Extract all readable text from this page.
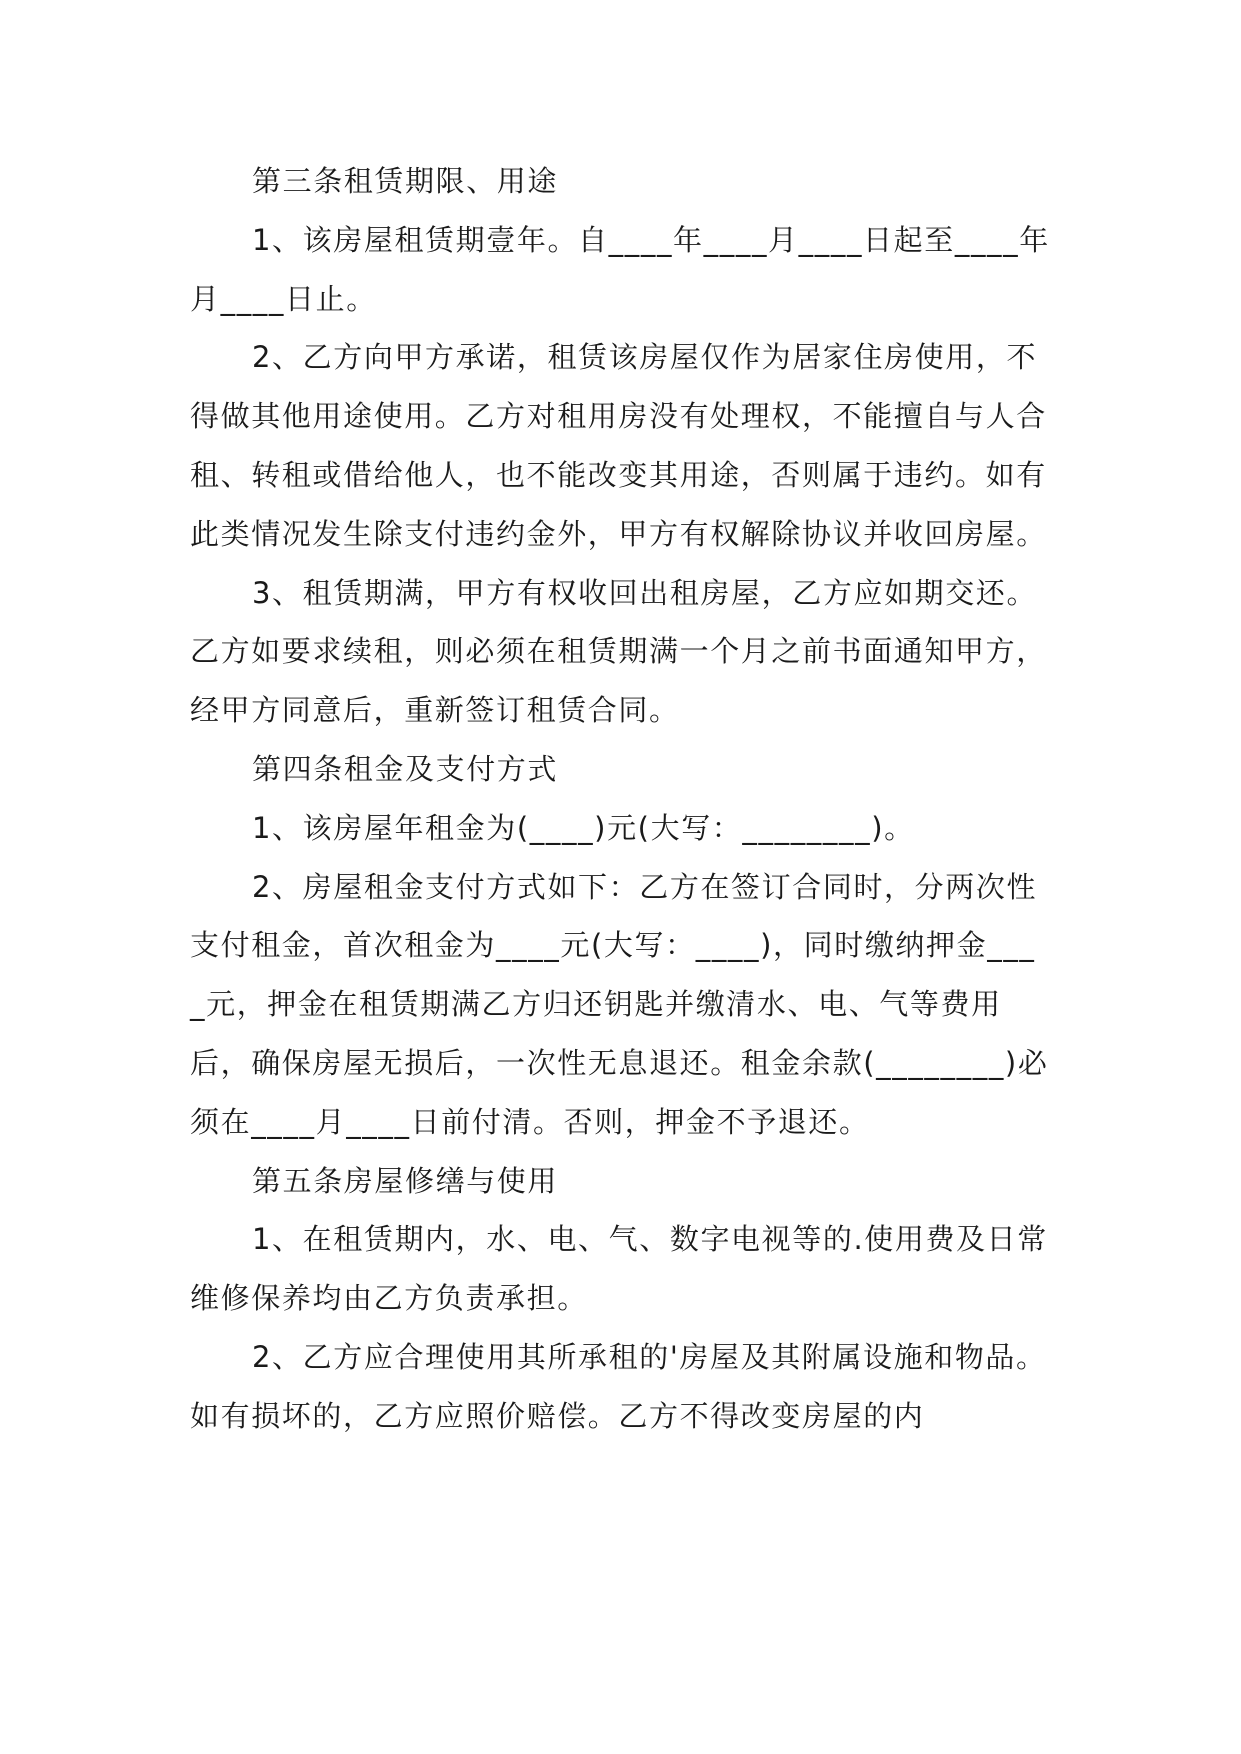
第三条租赁期限、用途

1、该房屋租赁期壹年。自____年____月____日起至____年月____日止。

2、乙方向甲方承诺，租赁该房屋仅作为居家住房使用，不得做其他用途使用。乙方对租用房没有处理权，不能擅自与人合租、转租或借给他人，也不能改变其用途，否则属于违约。如有此类情况发生除支付违约金外，甲方有权解除协议并收回房屋。

3、租赁期满，甲方有权收回出租房屋，乙方应如期交还。乙方如要求续租，则必须在租赁期满一个月之前书面通知甲方，经甲方同意后，重新签订租赁合同。

第四条租金及支付方式

1、该房屋年租金为(____)元(大写：________)。

2、房屋租金支付方式如下：乙方在签订合同时，分两次性支付租金，首次租金为____元(大写：____)，同时缴纳押金____元，押金在租赁期满乙方归还钥匙并缴清水、电、气等费用后，确保房屋无损后，一次性无息退还。租金余款(________)必须在____月____日前付清。否则，押金不予退还。

第五条房屋修缮与使用

1、在租赁期内，水、电、气、数字电视等的.使用费及日常维修保养均由乙方负责承担。

2、乙方应合理使用其所承租的'房屋及其附属设施和物品。如有损坏的，乙方应照价赔偿。乙方不得改变房屋的内
